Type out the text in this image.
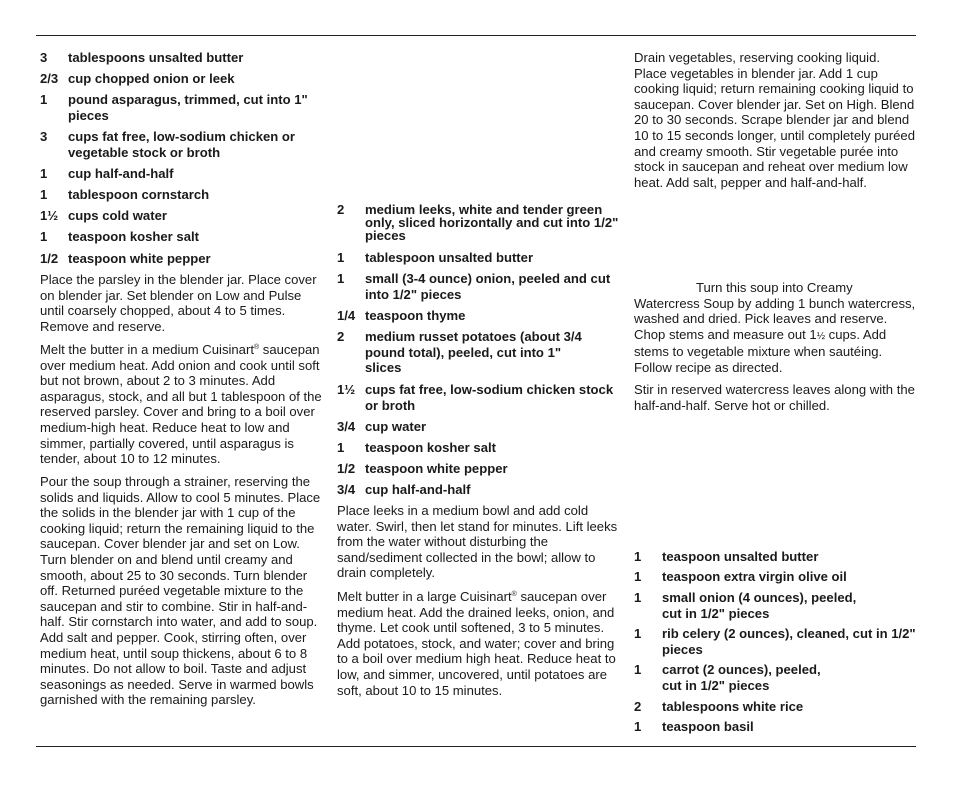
3 tablespoons unsalted butter
2/3 cup chopped onion or leek
1 pound asparagus, trimmed, cut into 1" pieces
3 cups fat free, low-sodium chicken or vegetable stock or broth
1 cup half-and-half
1 tablespoon cornstarch
1½ cups cold water
1 teaspoon kosher salt
1/2 teaspoon white pepper
Place the parsley in the blender jar. Place cover on blender jar. Set blender on Low and Pulse until coarsely chopped, about 4 to 5 times. Remove and reserve.
Melt the butter in a medium Cuisinart® saucepan over medium heat. Add onion and cook until soft but not brown, about 2 to 3 minutes. Add asparagus, stock, and all but 1 tablespoon of the reserved parsley. Cover and bring to a boil over medium-high heat. Reduce heat to low and simmer, partially covered, until asparagus is tender, about 10 to 12 minutes.
Pour the soup through a strainer, reserving the solids and liquids. Allow to cool 5 minutes. Place the solids in the blender jar with 1 cup of the cooking liquid; return the remaining liquid to the saucepan. Cover blender jar and set on Low. Turn blender on and blend until creamy and smooth, about 25 to 30 seconds. Turn blender off. Returned puréed vegetable mixture to the saucepan and stir to combine. Stir in half-and-half. Stir cornstarch into water, and add to soup. Add salt and pepper. Cook, stirring often, over medium heat, until soup thickens, about 6 to 8 minutes. Do not allow to boil. Taste and adjust seasonings as needed. Serve in warmed bowls garnished with the remaining parsley.
2 medium leeks, white and tender green only, sliced horizontally and cut into 1/2" pieces
1 tablespoon unsalted butter
1 small (3-4 ounce) onion, peeled and cut into 1/2" pieces
1/4 teaspoon thyme
2 medium russet potatoes (about 3/4 pound total), peeled, cut into 1" slices
1½ cups fat free, low-sodium chicken stock or broth
3/4 cup water
1 teaspoon kosher salt
1/2 teaspoon white pepper
3/4 cup half-and-half
Place leeks in a medium bowl and add cold water. Swirl, then let stand for minutes. Lift leeks from the water without disturbing the sand/sediment collected in the bowl; allow to drain completely.
Melt butter in a large Cuisinart® saucepan over medium heat. Add the drained leeks, onion, and thyme. Let cook until softened, 3 to 5 minutes. Add potatoes, stock, and water; cover and bring to a boil over medium high heat. Reduce heat to low, and simmer, uncovered, until potatoes are soft, about 10 to 15 minutes.
Drain vegetables, reserving cooking liquid. Place vegetables in blender jar. Add 1 cup cooking liquid; return remaining cooking liquid to saucepan. Cover blender jar. Set on High. Blend 20 to 30 seconds. Scrape blender jar and blend 10 to 15 seconds longer, until completely puréed and creamy smooth. Stir vegetable purée into stock in saucepan and reheat over medium low heat. Add salt, pepper and half-and-half.
Turn this soup into Creamy Watercress Soup by adding 1 bunch watercress, washed and dried. Pick leaves and reserve. Chop stems and measure out 1½ cups. Add stems to vegetable mixture when sautéing. Follow recipe as directed.
Stir in reserved watercress leaves along with the half-and-half. Serve hot or chilled.
1 teaspoon unsalted butter
1 teaspoon extra virgin olive oil
1 small onion (4 ounces), peeled, cut in 1/2" pieces
1 rib celery (2 ounces), cleaned, cut in 1/2" pieces
1 carrot (2 ounces), peeled, cut in 1/2" pieces
2 tablespoons white rice
1 teaspoon basil
